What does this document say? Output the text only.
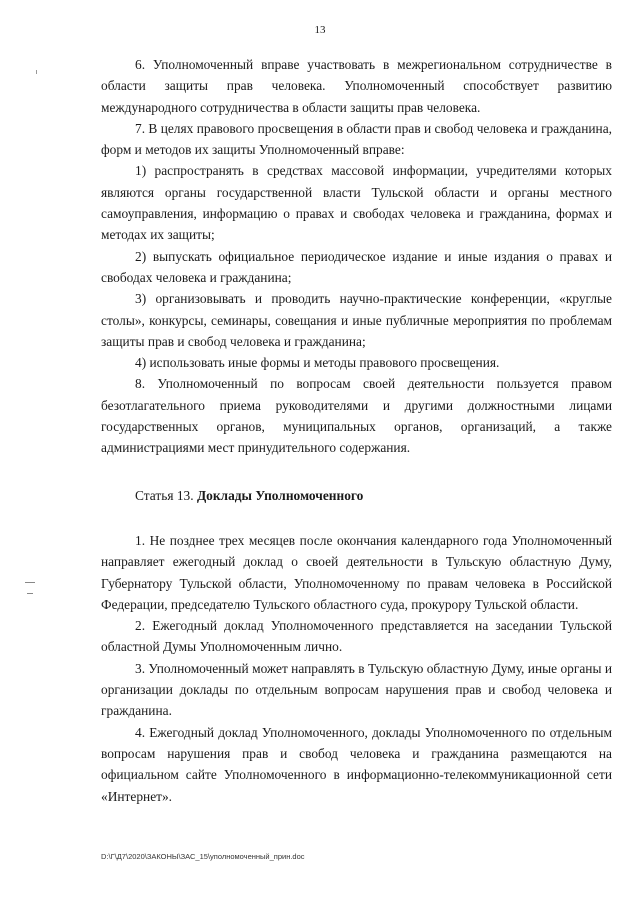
13

6. Уполномоченный вправе участвовать в межрегиональном сотрудничестве в области защиты прав человека. Уполномоченный способствует развитию международного сотрудничества в области защиты прав человека.

7. В целях правового просвещения в области прав и свобод человека и гражданина, форм и методов их защиты Уполномоченный вправе:

1) распространять в средствах массовой информации, учредителями которых являются органы государственной власти Тульской области и органы местного самоуправления, информацию о правах и свободах человека и гражданина, формах и методах их защиты;

2) выпускать официальное периодическое издание и иные издания о правах и свободах человека и гражданина;

3) организовывать и проводить научно-практические конференции, «круглые столы», конкурсы, семинары, совещания и иные публичные мероприятия по проблемам защиты прав и свобод человека и гражданина;

4) использовать иные формы и методы правового просвещения.

8. Уполномоченный по вопросам своей деятельности пользуется правом безотлагательного приема руководителями и другими должностными лицами государственных органов, муниципальных органов, организаций, а также администрациями мест принудительного содержания.

Статья 13. Доклады Уполномоченного

1. Не позднее трех месяцев после окончания календарного года Уполномоченный направляет ежегодный доклад о своей деятельности в Тульскую областную Думу, Губернатору Тульской области, Уполномоченному по правам человека в Российской Федерации, председателю Тульского областного суда, прокурору Тульской области.

2. Ежегодный доклад Уполномоченного представляется на заседании Тульской областной Думы Уполномоченным лично.

3. Уполномоченный может направлять в Тульскую областную Думу, иные органы и организации доклады по отдельным вопросам нарушения прав и свобод человека и гражданина.

4. Ежегодный доклад Уполномоченного, доклады Уполномоченного по отдельным вопросам нарушения прав и свобод человека и гражданина размещаются на официальном сайте Уполномоченного в информационно-телекоммуникационной сети «Интернет».

D:\Г\Д7\2020\ЗАКОНЫ\ЗАС_15\уполномоченный_прин.doc
